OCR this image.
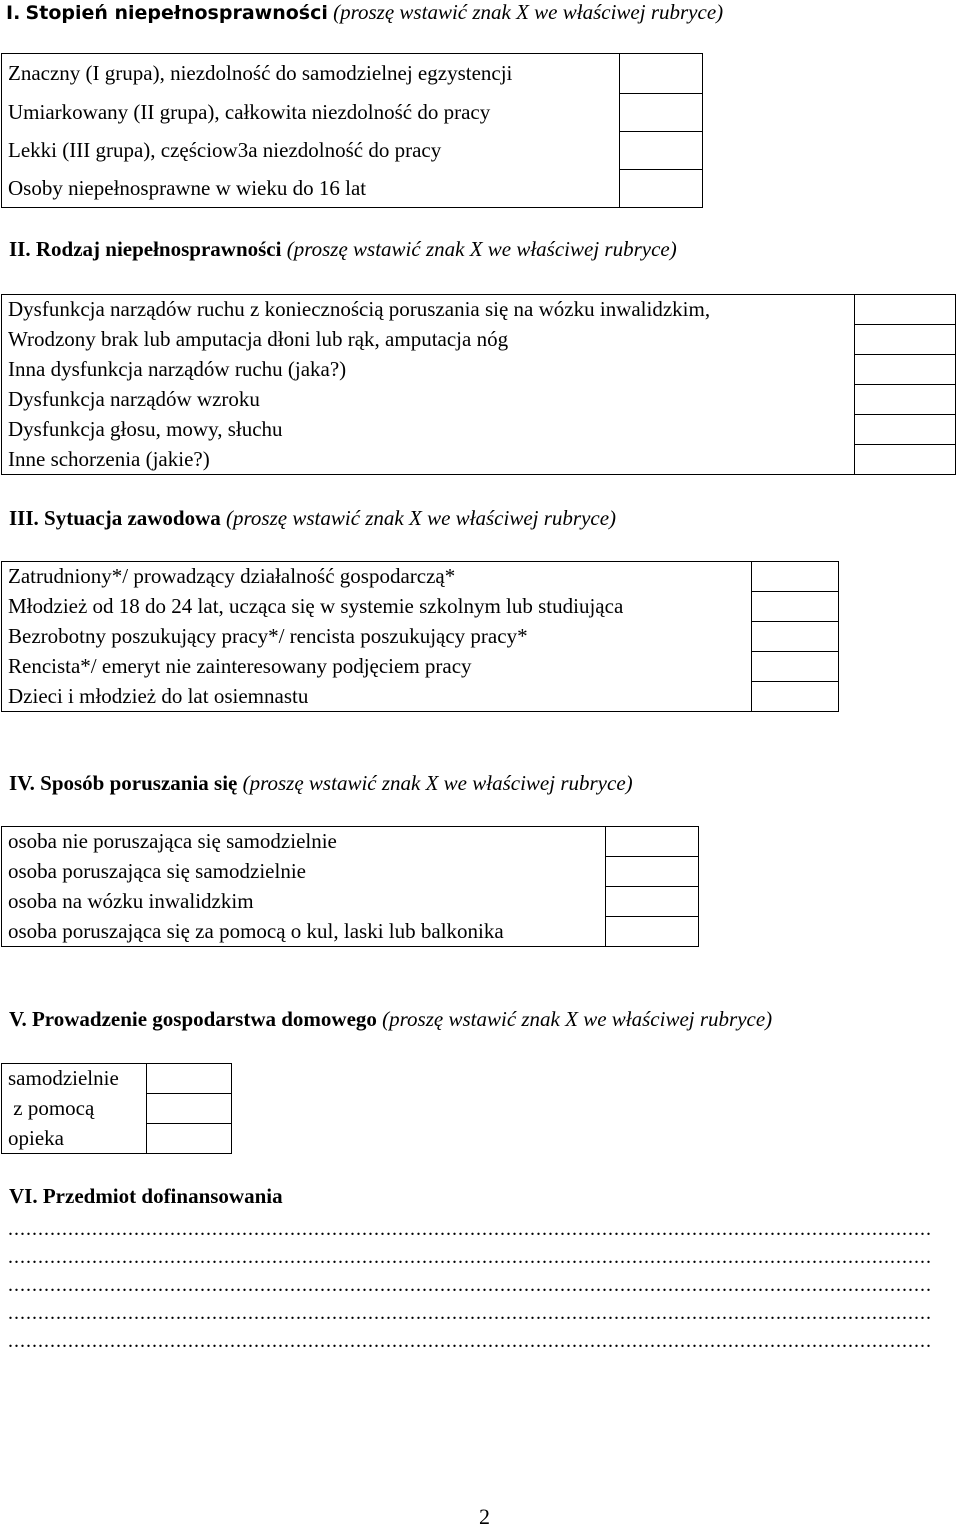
I. Stopień niepełnosprawności (proszę wstawić znak X we właściwej rubryce)
Znaczny (I grupa), niezdolność do samodzielnej egzystencji	
Umiarkowany (II grupa), całkowita niezdolność do pracy	
Lekki (III grupa), częściow3a niezdolność do pracy	
Osoby niepełnosprawne w wieku do 16 lat	
II. Rodzaj niepełnosprawności (proszę wstawić znak X we właściwej rubryce)
Dysfunkcja narządów ruchu z koniecznością poruszania się na wózku inwalidzkim,	
Wrodzony brak lub amputacja dłoni lub rąk, amputacja nóg	
Inna dysfunkcja narządów ruchu (jaka?)	
Dysfunkcja narządów wzroku	
Dysfunkcja głosu, mowy, słuchu	
Inne schorzenia (jakie?)	
III. Sytuacja zawodowa (proszę wstawić znak X we właściwej rubryce)
Zatrudniony*/ prowadzący działalność gospodarczą*	
Młodzież od 18 do 24 lat, ucząca się w systemie szkolnym lub studiująca	
Bezrobotny poszukujący pracy*/ rencista poszukujący pracy*	
Rencista*/ emeryt nie zainteresowany podjęciem pracy	
Dzieci i młodzież do lat osiemnastu	
IV. Sposób poruszania się (proszę wstawić znak X we właściwej rubryce)
osoba nie poruszająca się samodzielnie	
osoba poruszająca się samodzielnie	
osoba na wózku inwalidzkim	
osoba poruszająca się za pomocą o kul, laski lub balkonika	
V. Prowadzenie gospodarstwa domowego (proszę wstawić znak X we właściwej rubryce)
samodzielnie	
z pomocą	
opieka	
VI. Przedmiot dofinansowania
..........................................................................................................................................................
..........................................................................................................................................................
..........................................................................................................................................................
..........................................................................................................................................................
..........................................................................................................................................................
2
